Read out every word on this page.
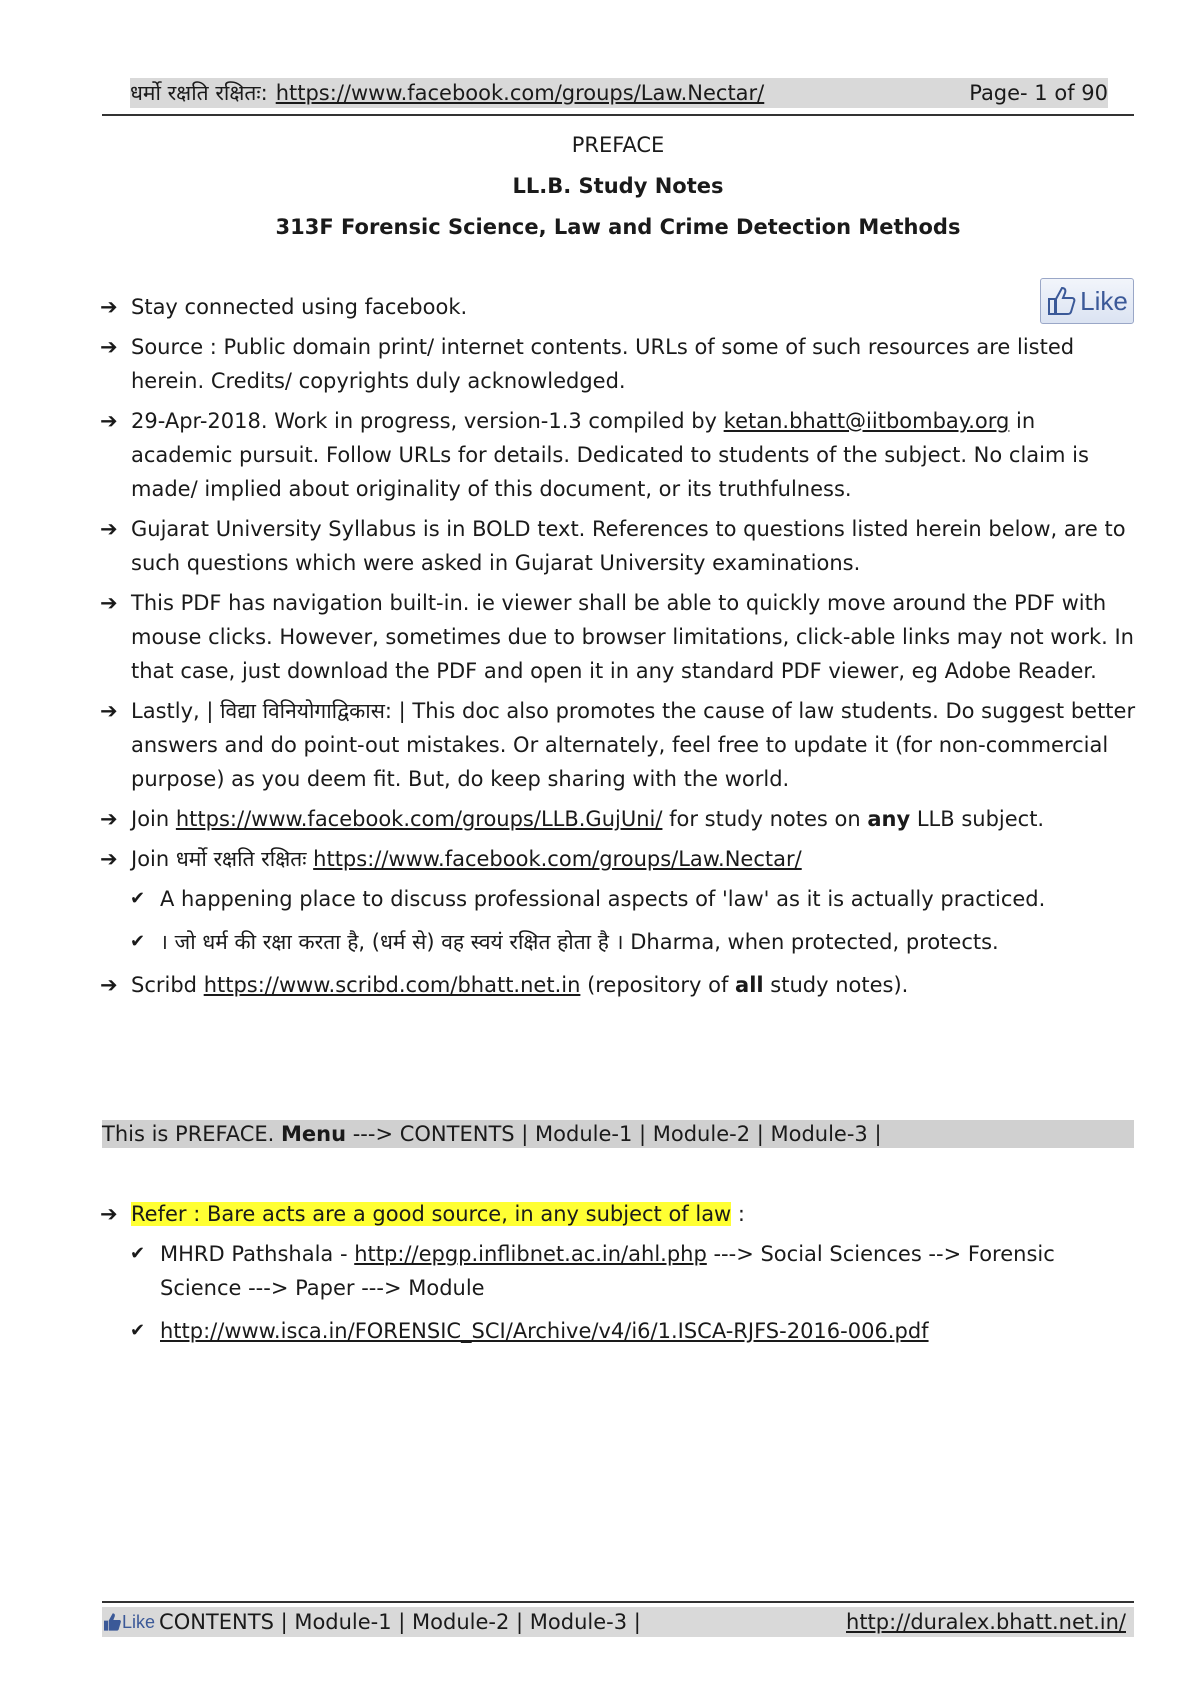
धर्मो रक्षति रक्षितः: https://www.facebook.com/groups/Law.Nectar/	Page- 1 of 90
PREFACE
LL.B. Study Notes
313F Forensic Science, Law and Crime Detection Methods
➔ Stay connected using facebook.	Like
➔ Source : Public domain print/ internet contents. URLs of some of such resources are listed herein. Credits/ copyrights duly acknowledged.
➔ 29-Apr-2018. Work in progress, version-1.3 compiled by ketan.bhatt@iitbombay.org in academic pursuit. Follow URLs for details. Dedicated to students of the subject. No claim is made/ implied about originality of this document, or its truthfulness.
➔ Gujarat University Syllabus is in BOLD text. References to questions listed herein below, are to such questions which were asked in Gujarat University examinations.
➔ This PDF has navigation built-in. ie viewer shall be able to quickly move around the PDF with mouse clicks. However, sometimes due to browser limitations, click-able links may not work. In that case, just download the PDF and open it in any standard PDF viewer, eg Adobe Reader.
➔ Lastly, | विद्या विनियोगाद्विकास: | This doc also promotes the cause of law students. Do suggest better answers and do point-out mistakes. Or alternately, feel free to update it (for non-commercial purpose) as you deem fit. But, do keep sharing with the world.
➔ Join https://www.facebook.com/groups/LLB.GujUni/ for study notes on any LLB subject.
➔ Join धर्मो रक्षति रक्षितः https://www.facebook.com/groups/Law.Nectar/
✔ A happening place to discuss professional aspects of 'law' as it is actually practiced.
✔ । जो धर्म की रक्षा करता है, (धर्म से) वह स्वयं रक्षित होता है । Dharma, when protected, protects.
➔ Scribd https://www.scribd.com/bhatt.net.in (repository of all study notes).
This is PREFACE. Menu ---> CONTENTS | Module-1 | Module-2 | Module-3 |
➔ Refer : Bare acts are a good source, in any subject of law :
✔ MHRD Pathshala - http://epgp.inflibnet.ac.in/ahl.php ---> Social Sciences --> Forensic Science ---> Paper ---> Module
✔ http://www.isca.in/FORENSIC_SCI/Archive/v4/i6/1.ISCA-RJFS-2016-006.pdf
Like CONTENTS | Module-1 | Module-2 | Module-3 |	http://duralex.bhatt.net.in/
